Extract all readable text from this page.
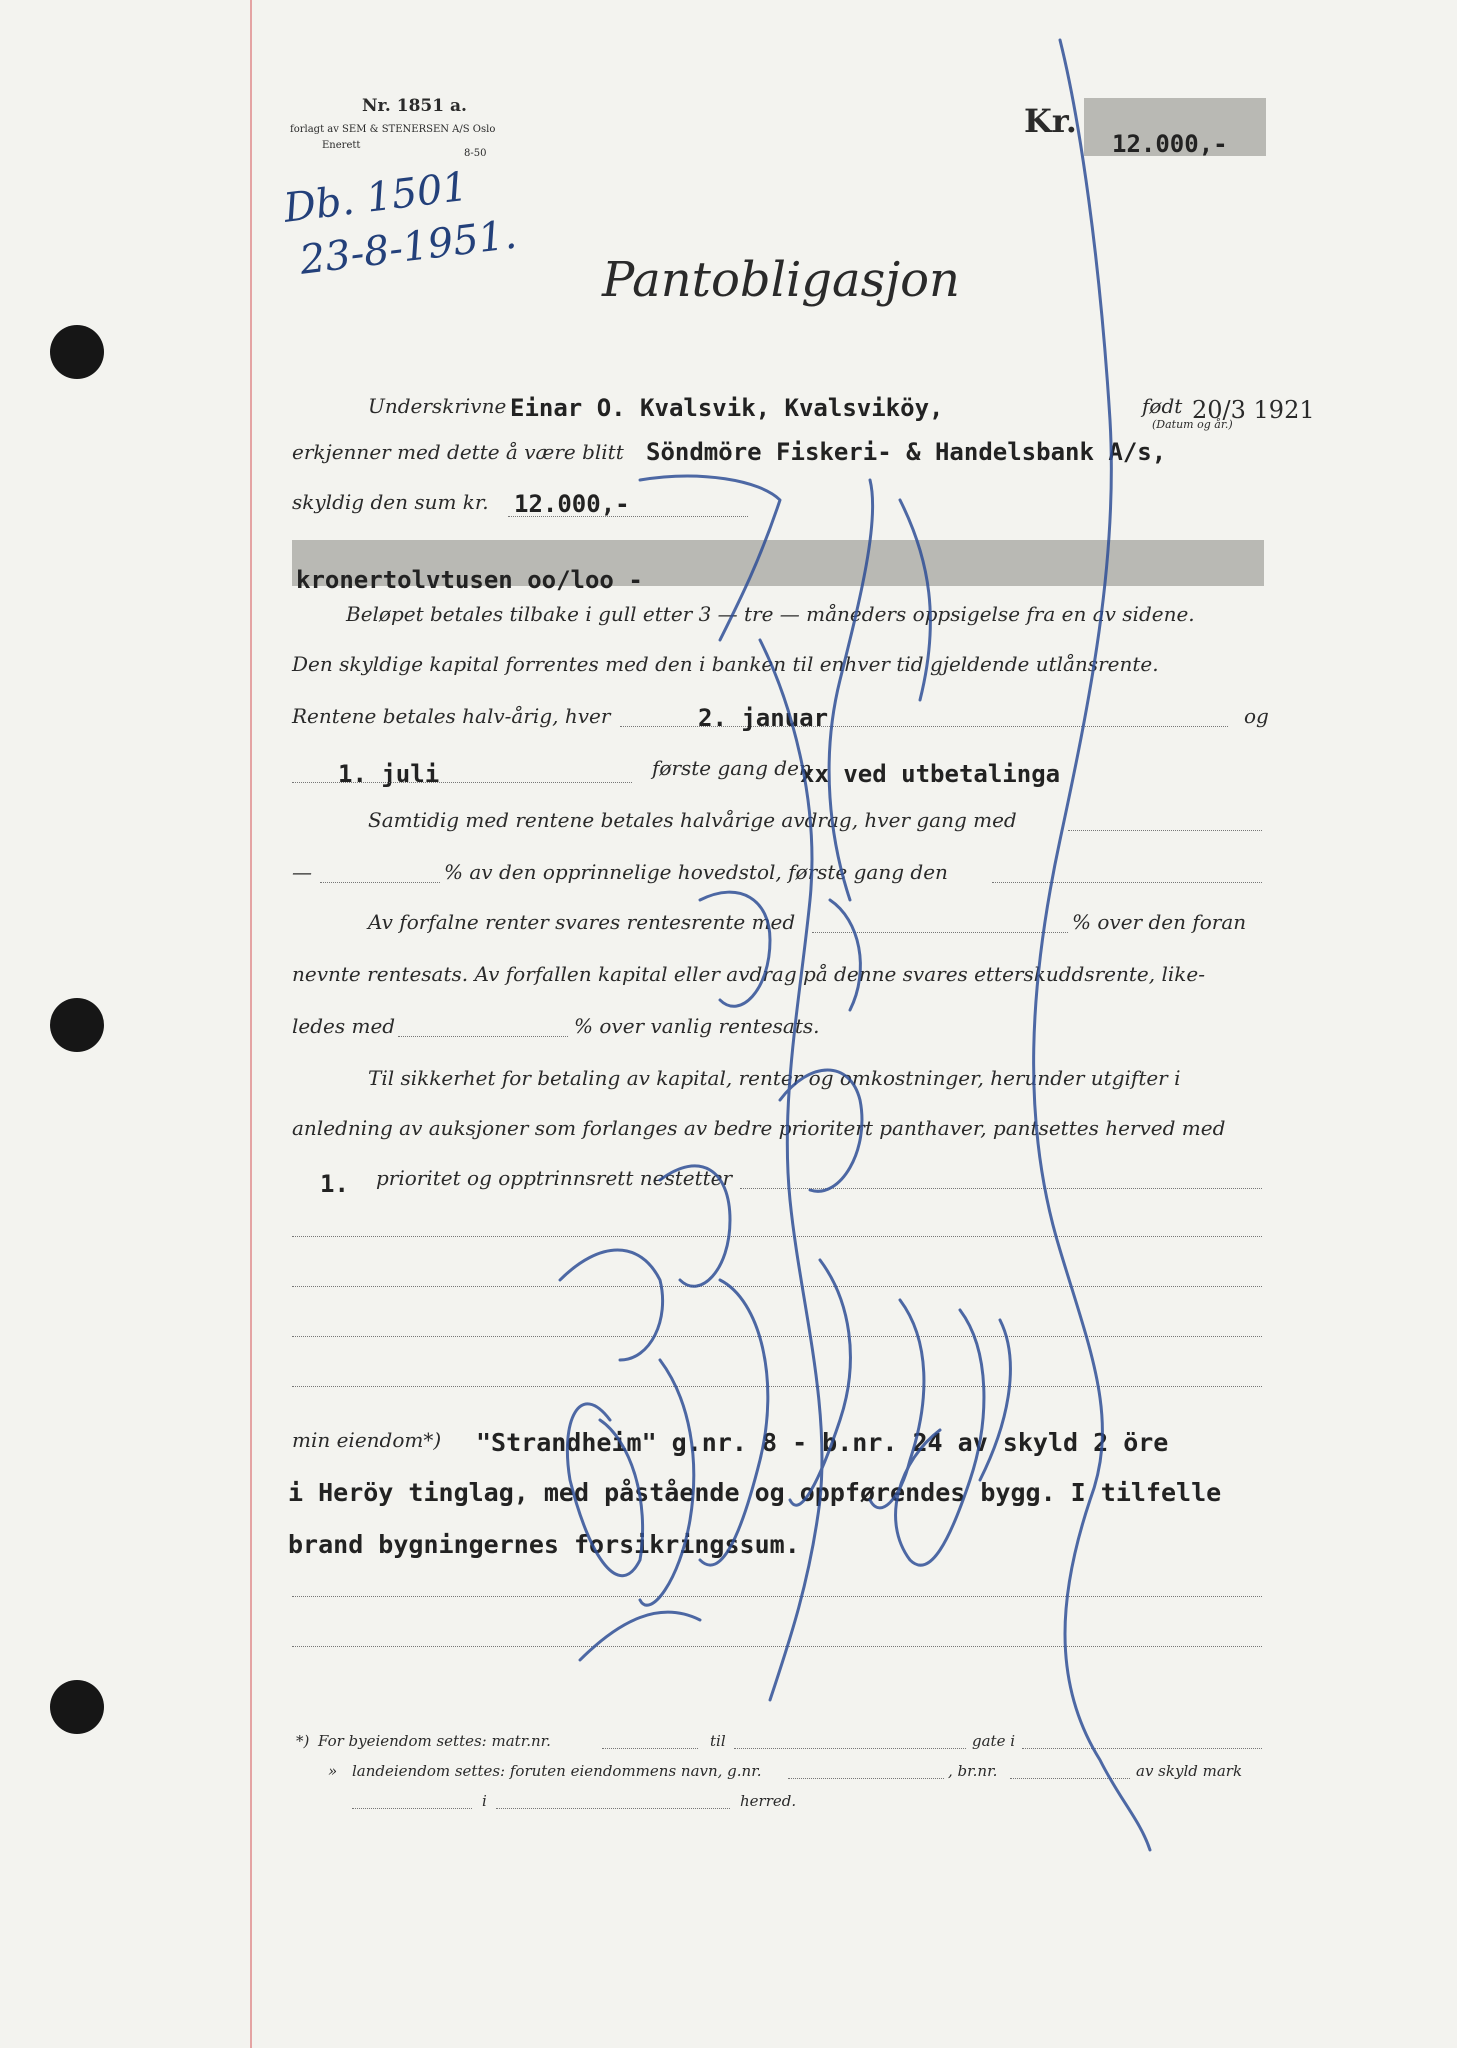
Nr. 1851 a.
forlagt av SEM & STENERSEN A/S Oslo
Enerett
8-50
Db. 1501
23-8-1951.
Kr.
12.000,-
Pantobligasjon
Underskrivne Einar O. Kvalsvik, Kvalsviköy,	født 20/3 1921
(Datum og år.)
erkjenner med dette å være blitt Söndmöre Fiskeri- & Handelsbank A/s,
skyldig den sum kr. 12.000,-
kronertolvtusen oo/loo -
Beløpet betales tilbake i gull etter 3 — tre — måneders oppsigelse fra en av sidene.
Den skyldige kapital forrentes med den i banken til enhver tid gjeldende utlånsrente.
Rentene betales halv-årig, hver	2. januar	og
1. juli	første gang den
xx ved utbetalinga
Samtidig med rentene betales halvårige avdrag, hver gang med
—	% av den opprinnelige hovedstol, første gang den
Av forfalne renter svares rentesrente med	% over den foran
nevnte rentesats. Av forfallen kapital eller avdrag på denne svares etterskuddsrente, like-
ledes med	% over vanlig rentesats.
Til sikkerhet for betaling av kapital, renter og omkostninger, herunder utgifter i
anledning av auksjoner som forlanges av bedre prioritert panthaver, pantsettes herved med
1. prioritet og opptrinnsrett nestetter
min eiendom*) "Strandheim" g.nr. 8 - b.nr. 24 av skyld 2 öre
i Heröy tinglag, med påstående og oppførendes bygg. I tilfelle
brand bygningernes forsikringssum.
*) For byeiendom settes: matr.nr.	til	gate i
» landeiendom settes: foruten eiendommens navn, g.nr.	, br.nr.	av skyld mark
i	herred.
